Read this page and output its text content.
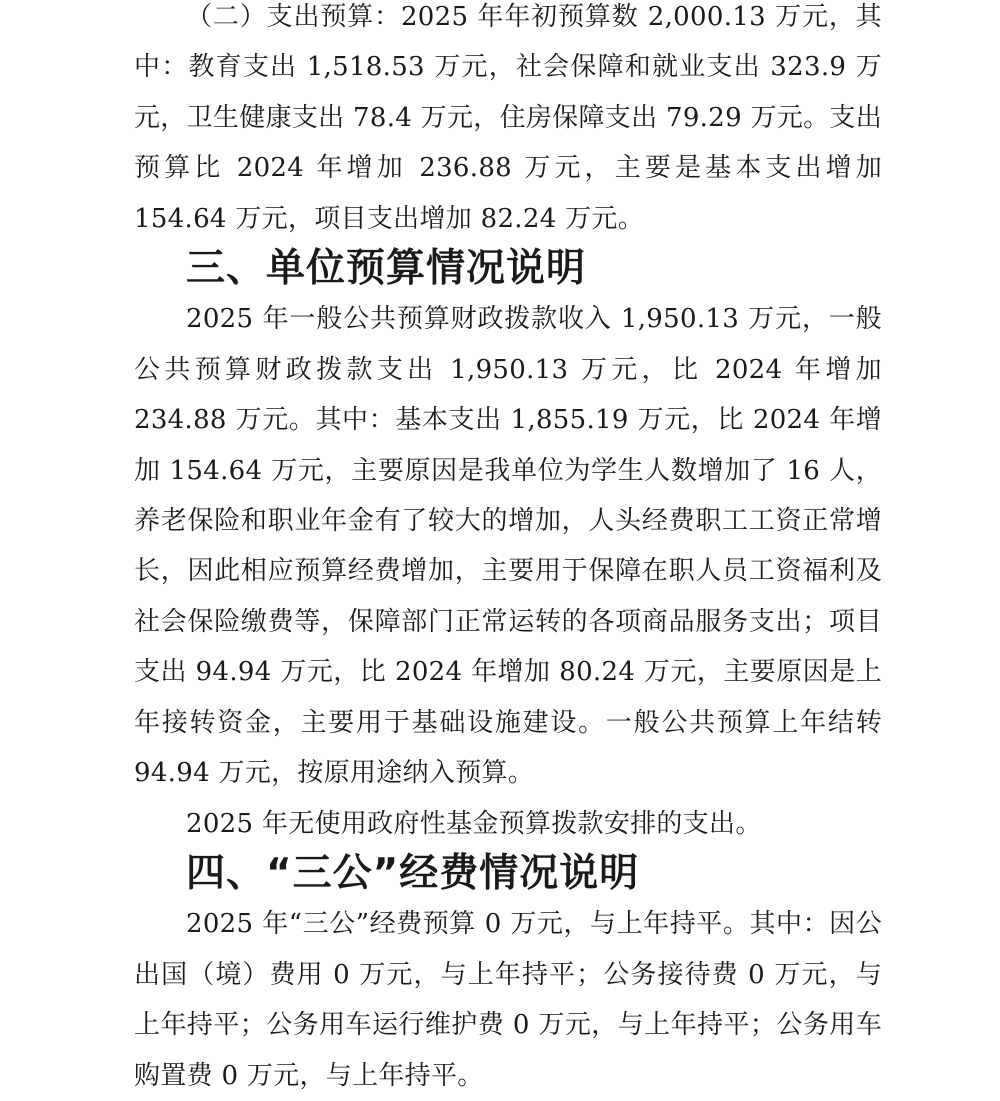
（二）支出预算：2025 年年初预算数 2,000.13 万元，其中：教育支出 1,518.53 万元，社会保障和就业支出 323.9 万元，卫生健康支出 78.4 万元，住房保障支出 79.29 万元。支出预算比 2024 年增加 236.88 万元，主要是基本支出增加 154.64 万元，项目支出增加 82.24 万元。

三、单位预算情况说明

2025 年一般公共预算财政拨款收入 1,950.13 万元，一般公共预算财政拨款支出 1,950.13 万元，比 2024 年增加 234.88 万元。其中：基本支出 1,855.19 万元，比 2024 年增加 154.64 万元，主要原因是我单位为学生人数增加了 16 人，养老保险和职业年金有了较大的增加，人头经费职工工资正常增长，因此相应预算经费增加，主要用于保障在职人员工资福利及社会保险缴费等，保障部门正常运转的各项商品服务支出；项目支出 94.94 万元，比 2024 年增加 80.24 万元，主要原因是上年接转资金，主要用于基础设施建设。一般公共预算上年结转 94.94 万元，按原用途纳入预算。

2025 年无使用政府性基金预算拨款安排的支出。

四、“三公”经费情况说明

2025 年“三公”经费预算 0 万元，与上年持平。其中：因公出国（境）费用 0 万元，与上年持平；公务接待费 0 万元，与上年持平；公务用车运行维护费 0 万元，与上年持平；公务用车购置费 0 万元，与上年持平。
